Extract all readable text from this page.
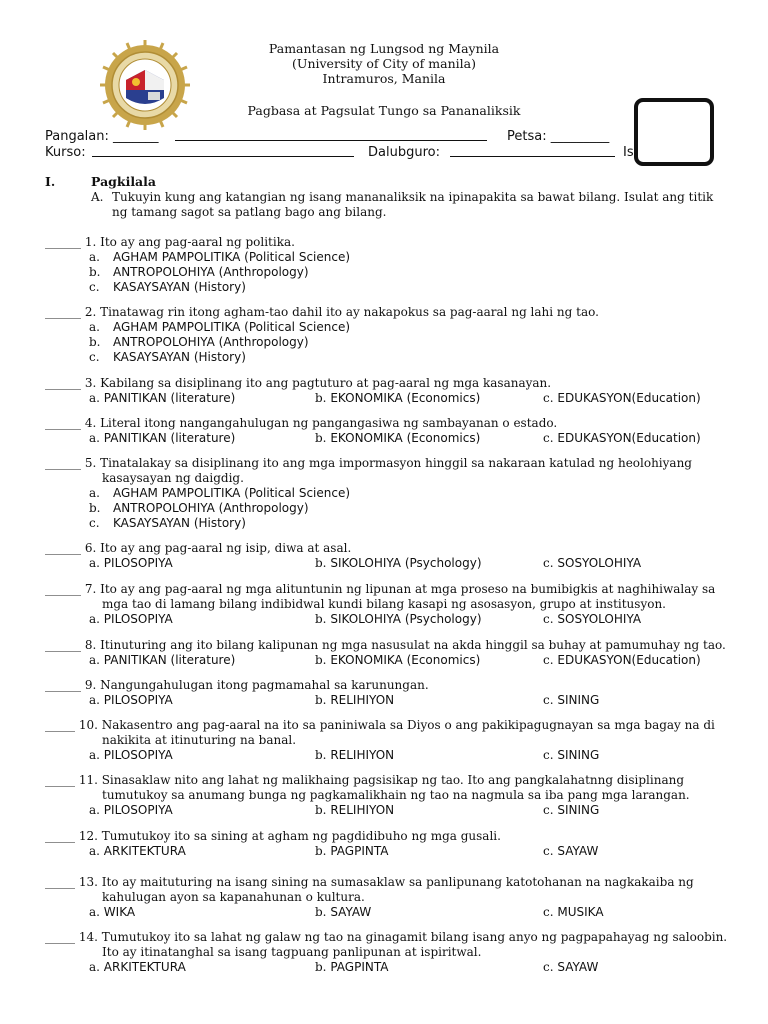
Pamantasan ng Lungsod ng Maynila
(University of City of manila)
Intramuros, Manila
Pagbasa at Pagsulat Tungo sa Pananaliksik
Pangalan: _______	Petsa: _________
Kurso:	Dalubguro:	Is
I.	Pagkilala
A. Tukuyin kung ang katangian ng isang mananaliksik na ipinapakita sa bawat bilang. Isulat ang titik
ng tamang sagot sa patlang bago ang bilang.
______ 1. Ito ay ang pag-aaral ng politika.
a. AGHAM PAMPOLITIKA (Political Science)
b. ANTROPOLOHIYA (Anthropology)
c. KASAYSAYAN (History)
______ 2. Tinatawag rin itong agham-tao dahil ito ay nakapokus sa pag-aaral ng lahi ng tao.
a. AGHAM PAMPOLITIKA (Political Science)
b. ANTROPOLOHIYA (Anthropology)
c. KASAYSAYAN (History)
______ 3. Kabilang sa disiplinang ito ang pagtuturo at pag-aaral ng mga kasanayan.
a. PANITIKAN (literature)	b. EKONOMIKA (Economics)	c. EDUKASYON(Education)
______ 4. Literal itong nangangahulugan ng pangangasiwa ng sambayanan o estado.
a. PANITIKAN (literature)	b. EKONOMIKA (Economics)	c. EDUKASYON(Education)
______ 5. Tinatalakay sa disiplinang ito ang mga impormasyon hinggil sa nakaraan katulad ng heolohiyang
kasaysayan ng daigdig.
a. AGHAM PAMPOLITIKA (Political Science)
b. ANTROPOLOHIYA (Anthropology)
c. KASAYSAYAN (History)
______ 6. Ito ay ang pag-aaral ng isip, diwa at asal.
a. PILOSOPIYA	b. SIKOLOHIYA (Psychology)	c. SOSYOLOHIYA
______ 7. Ito ay ang pag-aaral ng mga alituntunin ng lipunan at mga proseso na bumibigkis at naghihiwalay sa
mga tao di lamang bilang indibidwal kundi bilang kasapi ng asosasyon, grupo at institusyon.
a. PILOSOPIYA	b. SIKOLOHIYA (Psychology)	c. SOSYOLOHIYA
______ 8. Itinuturing ang ito bilang kalipunan ng mga nasusulat na akda hinggil sa buhay at pamumuhay ng tao.
a. PANITIKAN (literature)	b. EKONOMIKA (Economics)	c. EDUKASYON(Education)
______ 9. Nangungahulugan itong pagmamahal sa karunungan.
a. PILOSOPIYA	b. RELIHIYON	c. SINING
_____ 10. Nakasentro ang pag-aaral na ito sa paniniwala sa Diyos o ang pakikipagugnayan sa mga bagay na di
nakikita at itinuturing na banal.
a. PILOSOPIYA	b. RELIHIYON	c. SINING
_____ 11. Sinasaklaw nito ang lahat ng malikhaing pagsisikap ng tao. Ito ang pangkalahatnng disiplinang
tumutukoy sa anumang bunga ng pagkamalikhain ng tao na nagmula sa iba pang mga larangan.
a. PILOSOPIYA	b. RELIHIYON	c. SINING
_____ 12. Tumutukoy ito sa sining at agham ng pagdidibuho ng mga gusali.
a. ARKITEKTURA	b. PAGPINTA	c. SAYAW
_____ 13. Ito ay maituturing na isang sining na sumasaklaw sa panlipunang katotohanan na nagkakaiba ng
kahulugan ayon sa kapanahunan o kultura.
a. WIKA	b. SAYAW	c. MUSIKA
_____ 14. Tumutukoy ito sa lahat ng galaw ng tao na ginagamit bilang isang anyo ng pagpapahayag ng saloobin.
Ito ay itinatanghal sa isang tagpuang panlipunan at ispiritwal.
a. ARKITEKTURA	b. PAGPINTA	c. SAYAW
